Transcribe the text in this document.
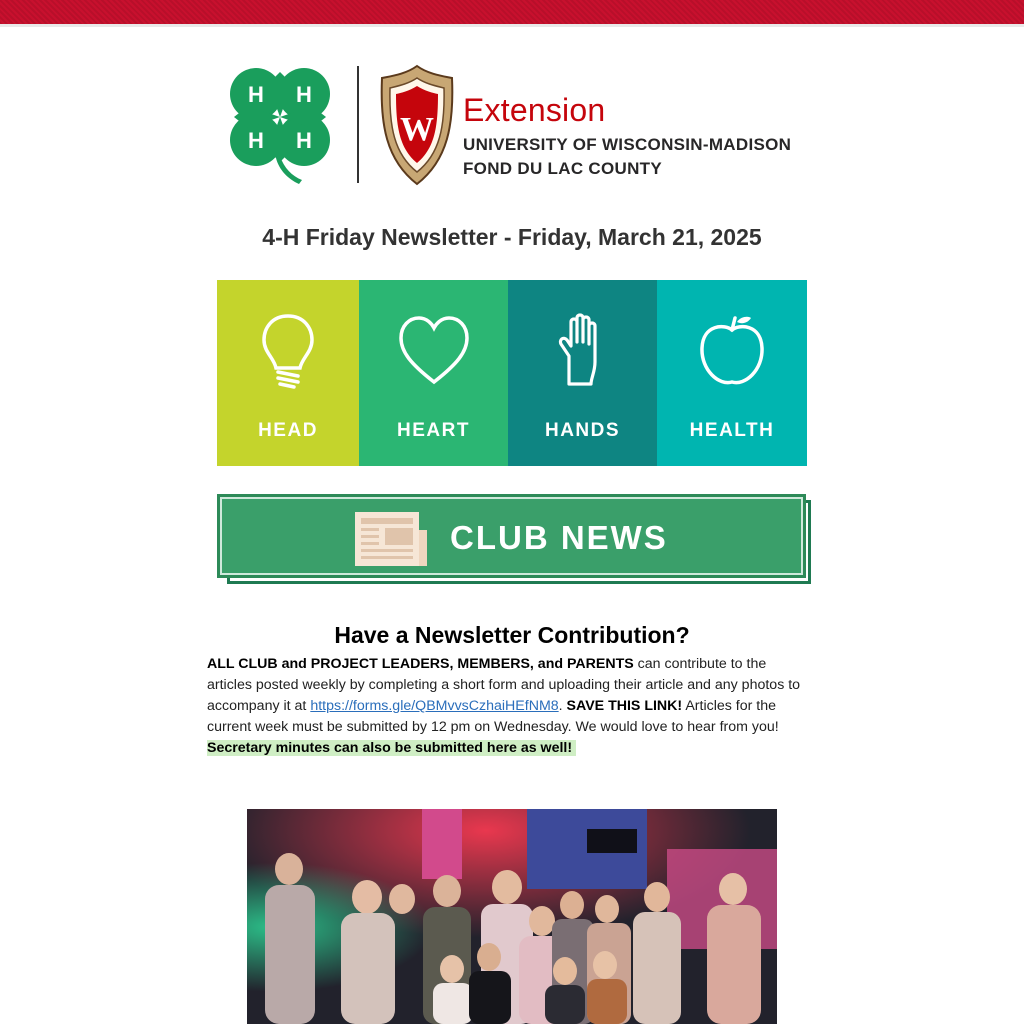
H H
H H	W
Extension
UNIVERSITY OF WISCONSIN-MADISON
FOND DU LAC COUNTY
4-H Friday Newsletter - Friday, March 21, 2025
HEAD	HEART	HANDS	HEALTH
CLUB NEWS
Have a Newsletter Contribution?
ALL CLUB and PROJECT LEADERS, MEMBERS, and PARENTS can contribute to the articles posted weekly by completing a short form and uploading their article and any photos to accompany it at https://forms.gle/QBMvvsCzhaiHEfNM8. SAVE THIS LINK! Articles for the current week must be submitted by 12 pm on Wednesday. We would love to hear from you!
Secretary minutes can also be submitted here as well!
